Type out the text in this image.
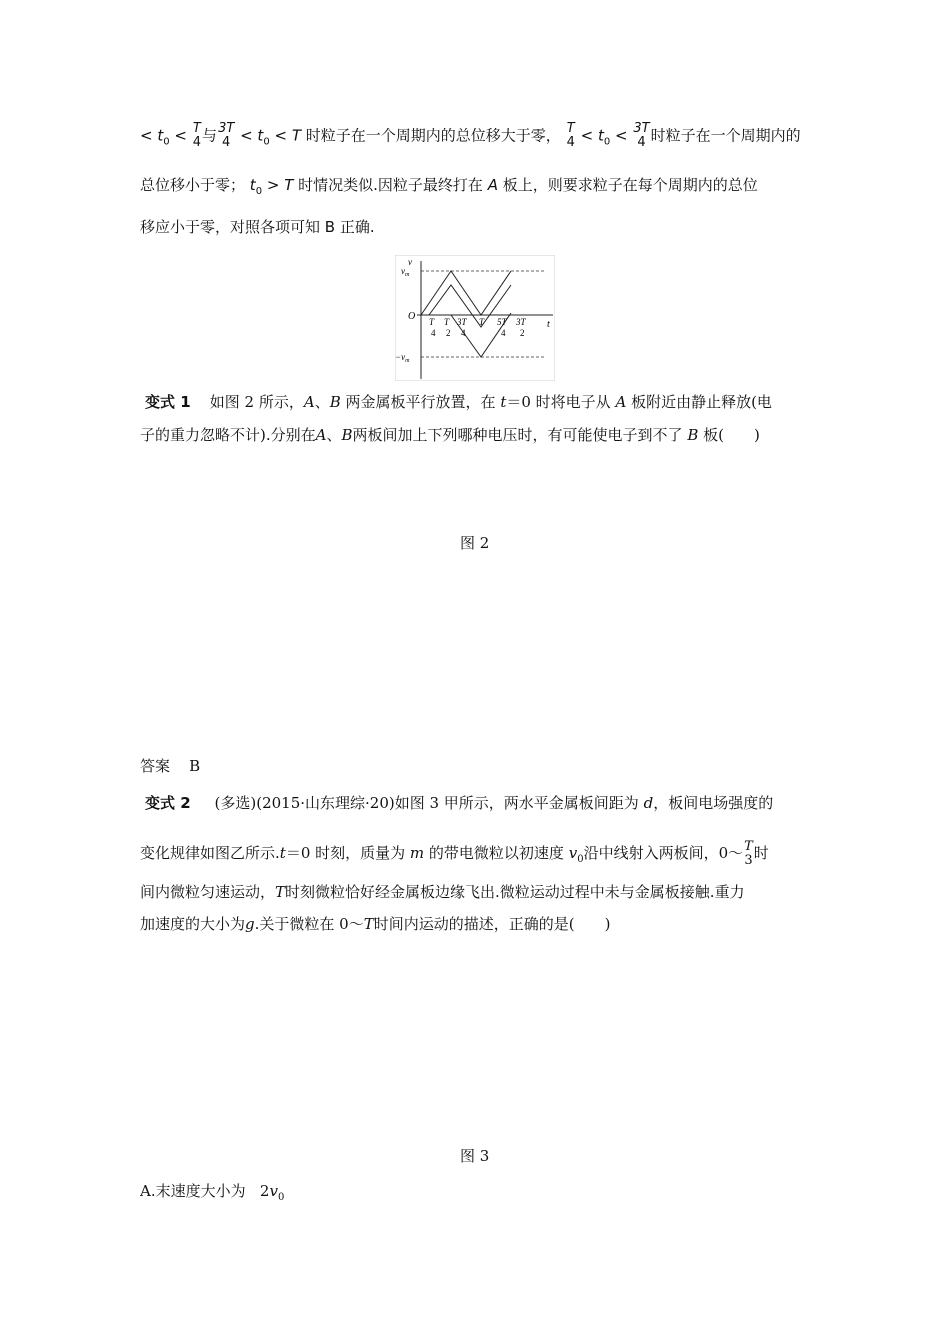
< $t_0 < T$
4 与 3T
$4 < t_0 < T$ 时粒子在一个周期内的总位移大于零， T
$4 < t_0 < 3T$
4 时粒子在一个周期内的
总位移小于零； $t_0 > T$ 时情况类似.因粒子最终打在 A 板上，则要求粒子在每个周期内的总位
移应小于零，对照各项可知 B 正确.
v
$v_m$
$-v_m$
O
t
T
4
T
2
3T
4
T 5T
4
3T
2
变式 1 如图 2 所示，A、B 两金属板平行放置，在 t＝0 时将电子从 A 板附近由静止释放(电
子的重力忽略不计).分别在A、B两板间加上下列哪种电压时，有可能使电子到不了 B 板(　　)
图 2
答案 B
变式 2 (多选)(2015·山东理综·20)如图 3 甲所示，两水平金属板间距为 d，板间电场强度的
变化规律如图乙所示.t＝0 时刻，质量为 m 的带电微粒以初速度 $v_0$沿中线射入两板间，0～ T
3 时
间内微粒匀速运动，T时刻微粒恰好经金属板边缘飞出.微粒运动过程中未与金属板接触.重力
加速度的大小为g.关于微粒在 0～T时间内运动的描述，正确的是(　　)
图 3
A.末速度大小为 $2v_0$
